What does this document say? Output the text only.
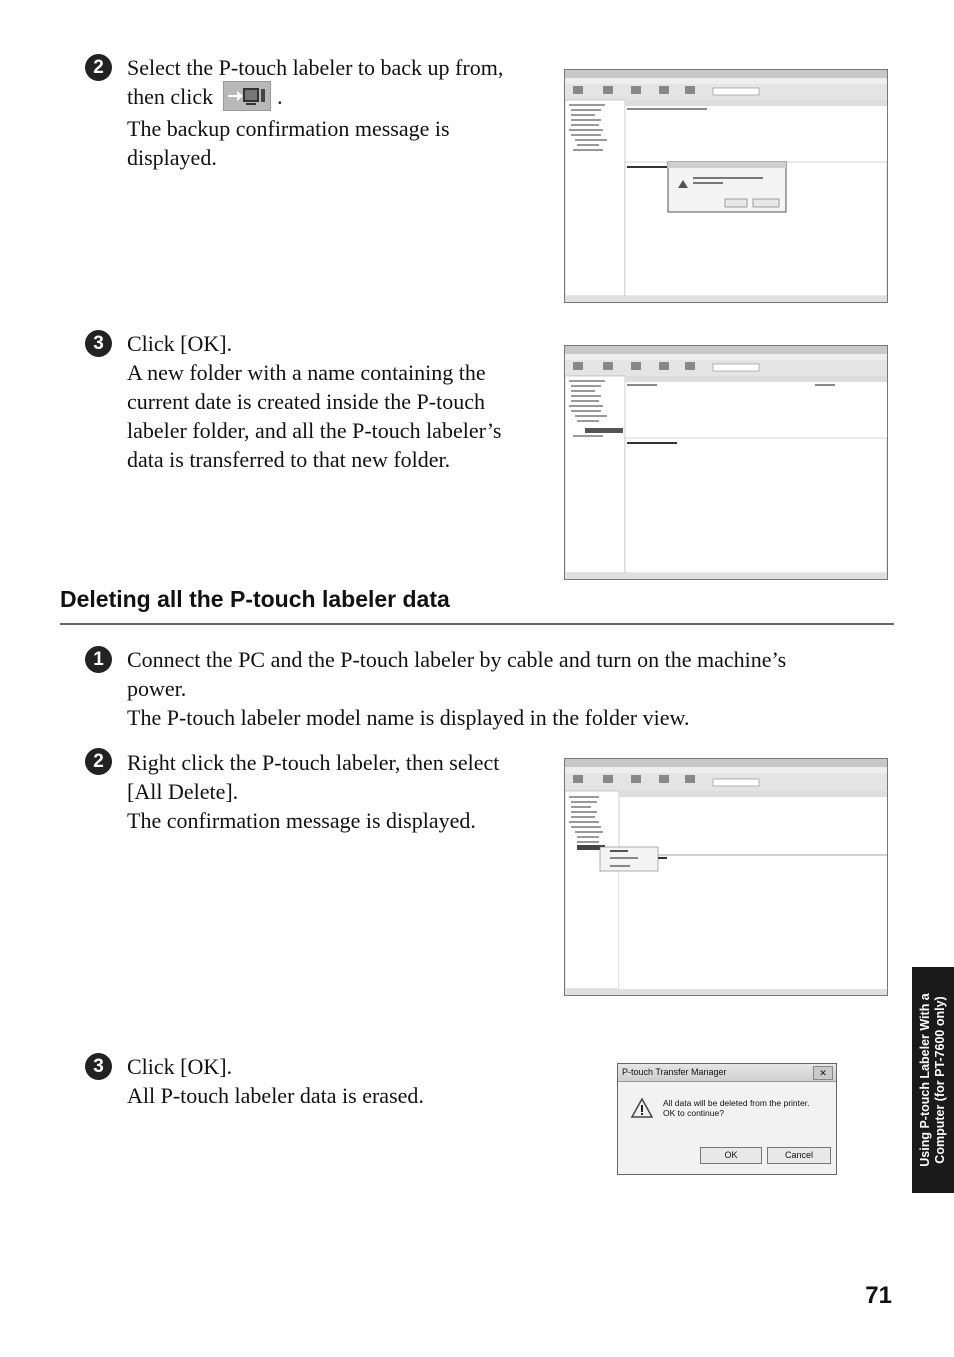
2	Select the P-touch labeler to back up from,

then click	.

The backup confirmation message is

displayed.

3	Click [OK].

A new folder with a name containing the

current date is created inside the P-touch

labeler folder, and all the P-touch labeler’s

data is transferred to that new folder.

Deleting all the P-touch labeler data
1	Connect the PC and the P-touch labeler by cable and turn on the machine’s

power.

The P-touch labeler model name is displayed in the folder view.

2	Right click the P-touch labeler, then select

[All Delete].

The confirmation message is displayed.

3	Click [OK].

All P-touch labeler data is erased.

P-touch Transfer Manager	✕
All data will be deleted from the printer.
OK to continue?
OK	Cancel	Using P-touch Labeler With a Computer (for PT-7600 only)
71
